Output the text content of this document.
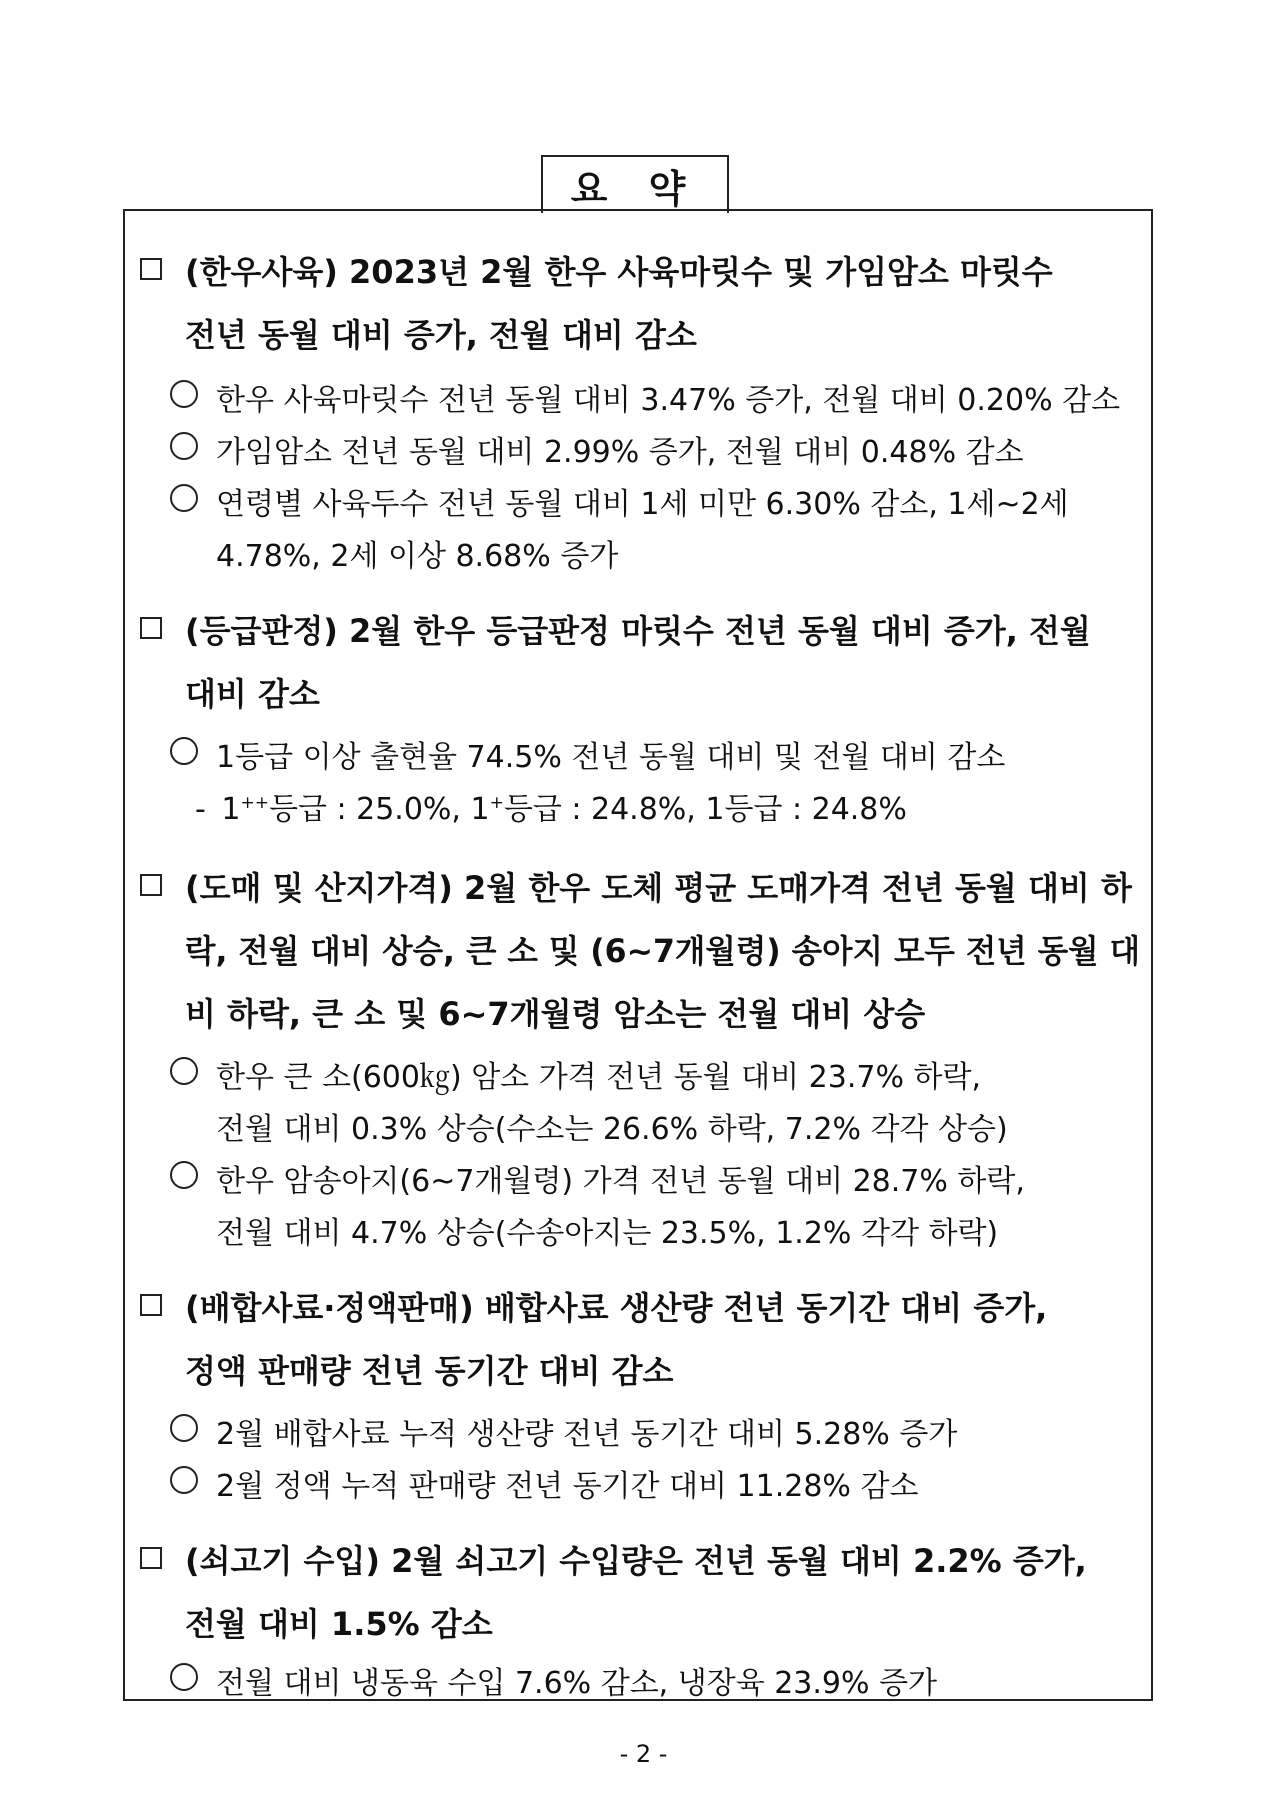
요 약
(한우사육) 2023년 2월 한우 사육마릿수 및 가임암소 마릿수
전년 동월 대비 증가, 전월 대비 감소
한우 사육마릿수 전년 동월 대비 3.47% 증가, 전월 대비 0.20% 감소
가임암소 전년 동월 대비 2.99% 증가, 전월 대비 0.48% 감소
연령별 사육두수 전년 동월 대비 1세 미만 6.30% 감소, 1세~2세
4.78%, 2세 이상 8.68% 증가
(등급판정) 2월 한우 등급판정 마릿수 전년 동월 대비 증가, 전월
대비 감소
1등급 이상 출현율 74.5% 전년 동월 대비 및 전월 대비 감소
- 1++등급 : 25.0%, 1+등급 : 24.8%, 1등급 : 24.8%
(도매 및 산지가격) 2월 한우 도체 평균 도매가격 전년 동월 대비 하
락, 전월 대비 상승, 큰 소 및 (6~7개월령) 송아지 모두 전년 동월 대
비 하락, 큰 소 및 6~7개월령 암소는 전월 대비 상승
한우 큰 소(600㎏) 암소 가격 전년 동월 대비 23.7% 하락,
전월 대비 0.3% 상승(수소는 26.6% 하락, 7.2% 각각 상승)
한우 암송아지(6~7개월령) 가격 전년 동월 대비 28.7% 하락,
전월 대비 4.7% 상승(수송아지는 23.5%, 1.2% 각각 하락)
(배합사료·정액판매) 배합사료 생산량 전년 동기간 대비 증가,
정액 판매량 전년 동기간 대비 감소
2월 배합사료 누적 생산량 전년 동기간 대비 5.28% 증가
2월 정액 누적 판매량 전년 동기간 대비 11.28% 감소
(쇠고기 수입) 2월 쇠고기 수입량은 전년 동월 대비 2.2% 증가,
전월 대비 1.5% 감소
전월 대비 냉동육 수입 7.6% 감소, 냉장육 23.9% 증가
- 2 -
